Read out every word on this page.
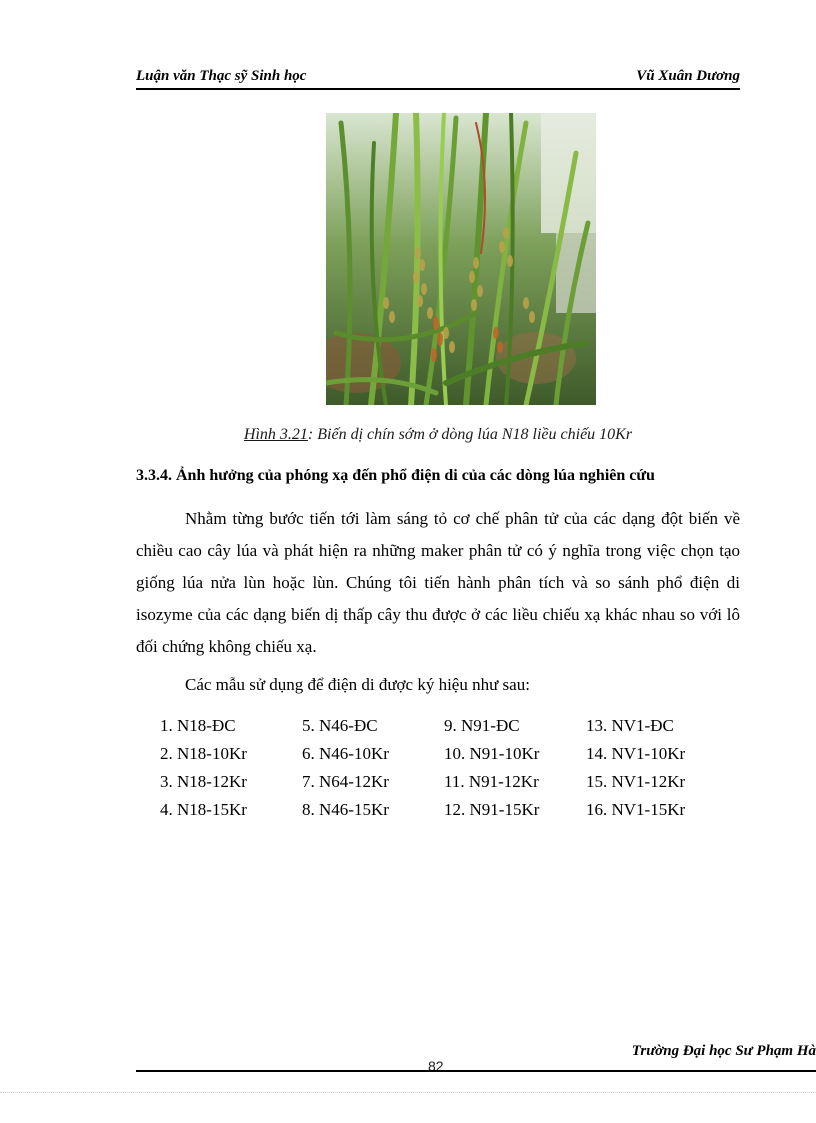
Luận văn Thạc sỹ Sinh học	Vũ Xuân Dương
Hình 3.21: Biến dị chín sớm ở dòng lúa N18 liều chiếu 10Kr
3.3.4. Ảnh hưởng của phóng xạ đến phổ điện di của các dòng lúa nghiên cứu
Nhằm từng bước tiến tới làm sáng tỏ cơ chế phân tử của các dạng đột biến về chiều cao cây lúa và phát hiện ra những maker phân tử có ý nghĩa trong việc chọn tạo giống lúa nửa lùn hoặc lùn. Chúng tôi tiến hành phân tích và so sánh phổ điện di isozyme của các dạng biến dị thấp cây thu được ở các liều chiếu xạ khác nhau so với lô đối chứng không chiếu xạ.
Các mẫu sử dụng để điện di được ký hiệu như sau:
1. N18-ĐC	5. N46-ĐC	9. N91-ĐC	13. NV1-ĐC
2. N18-10Kr	6. N46-10Kr	10. N91-10Kr	14. NV1-10Kr
3. N18-12Kr	7. N64-12Kr	11. N91-12Kr	15. NV1-12Kr
4. N18-15Kr	8. N46-15Kr	12. N91-15Kr	16. NV1-15Kr
Trường Đại học Sư Phạm Hà
82
